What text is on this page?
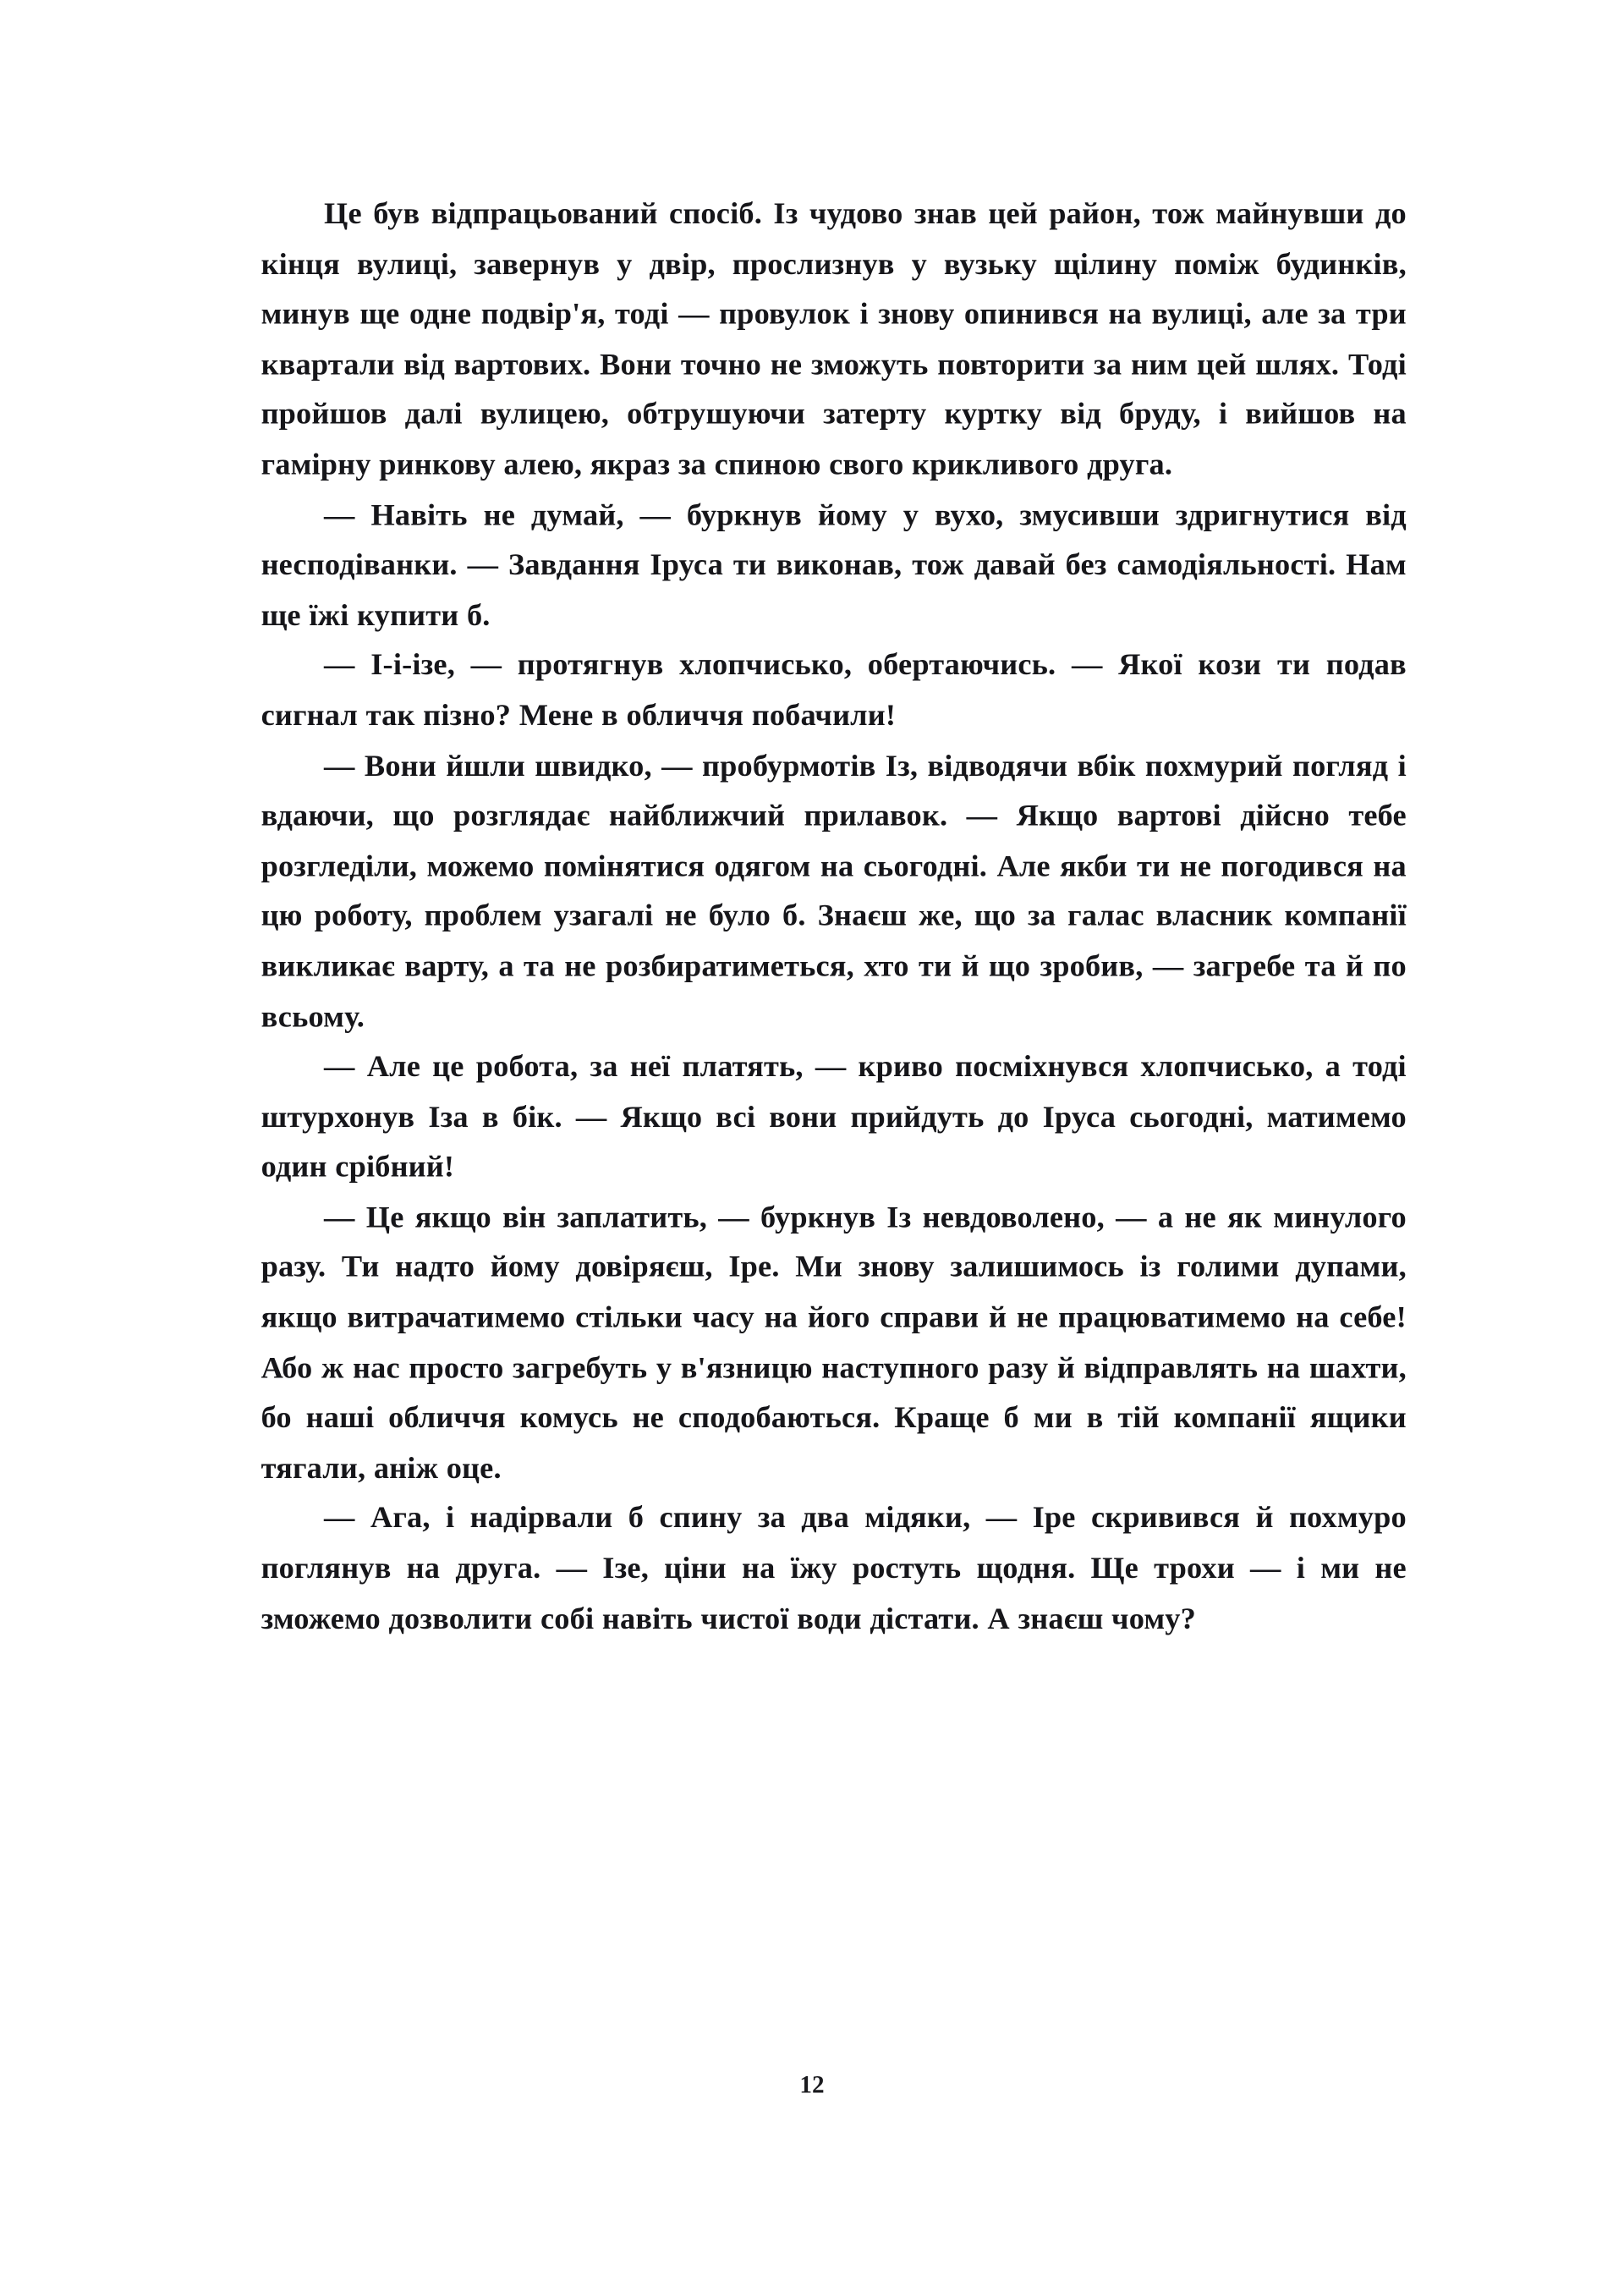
Це був відпрацьований спосіб. Із чудово знав цей район, тож майнувши до кінця вулиці, завернув у двір, прослизнув у вузьку щілину поміж будинків, минув ще одне подвір'я, тоді — провулок і знову опинився на вулиці, але за три квартали від вартових. Вони точно не зможуть повторити за ним цей шлях. Тоді пройшов далі вулицею, обтрушуючи затерту куртку від бруду, і вийшов на гамірну ринкову алею, якраз за спиною свого крикливого друга.

— Навіть не думай, — буркнув йому у вухо, змусивши здригнутися від несподіванки. — Завдання Іруса ти виконав, тож давай без самодіяльності. Нам ще їжі купити б.

— І-і-ізе, — протягнув хлопчисько, обертаючись. — Якої кози ти подав сигнал так пізно? Мене в обличчя побачили!

— Вони йшли швидко, — пробурмотів Із, відводячи вбік похмурий погляд і вдаючи, що розглядає найближчий прилавок. — Якщо вартові дійсно тебе розгледіли, можемо помінятися одягом на сьогодні. Але якби ти не погодився на цю роботу, проблем узагалі не було б. Знаєш же, що за галас власник компанії викликає варту, а та не розбиратиметься, хто ти й що зробив, — загребе та й по всьому.

— Але це робота, за неї платять, — криво посміхнувся хлопчисько, а тоді штурхонув Іза в бік. — Якщо всі вони прийдуть до Іруса сьогодні, матимемо один срібний!

— Це якщо він заплатить, — буркнув Із невдоволено, — а не як минулого разу. Ти надто йому довіряєш, Іре. Ми знову залишимось із голими дупами, якщо витрачатимемо стільки часу на його справи й не працюватимемо на себе! Або ж нас просто загребуть у в'язницю наступного разу й відправлять на шахти, бо наші обличчя комусь не сподобаються. Краще б ми в тій компанії ящики тягали, аніж оце.

— Ага, і надірвали б спину за два мідяки, — Іре скривився й похмуро поглянув на друга. — Ізе, ціни на їжу ростуть щодня. Ще трохи — і ми не зможемо дозволити собі навіть чистої води дістати. А знаєш чому?

12
